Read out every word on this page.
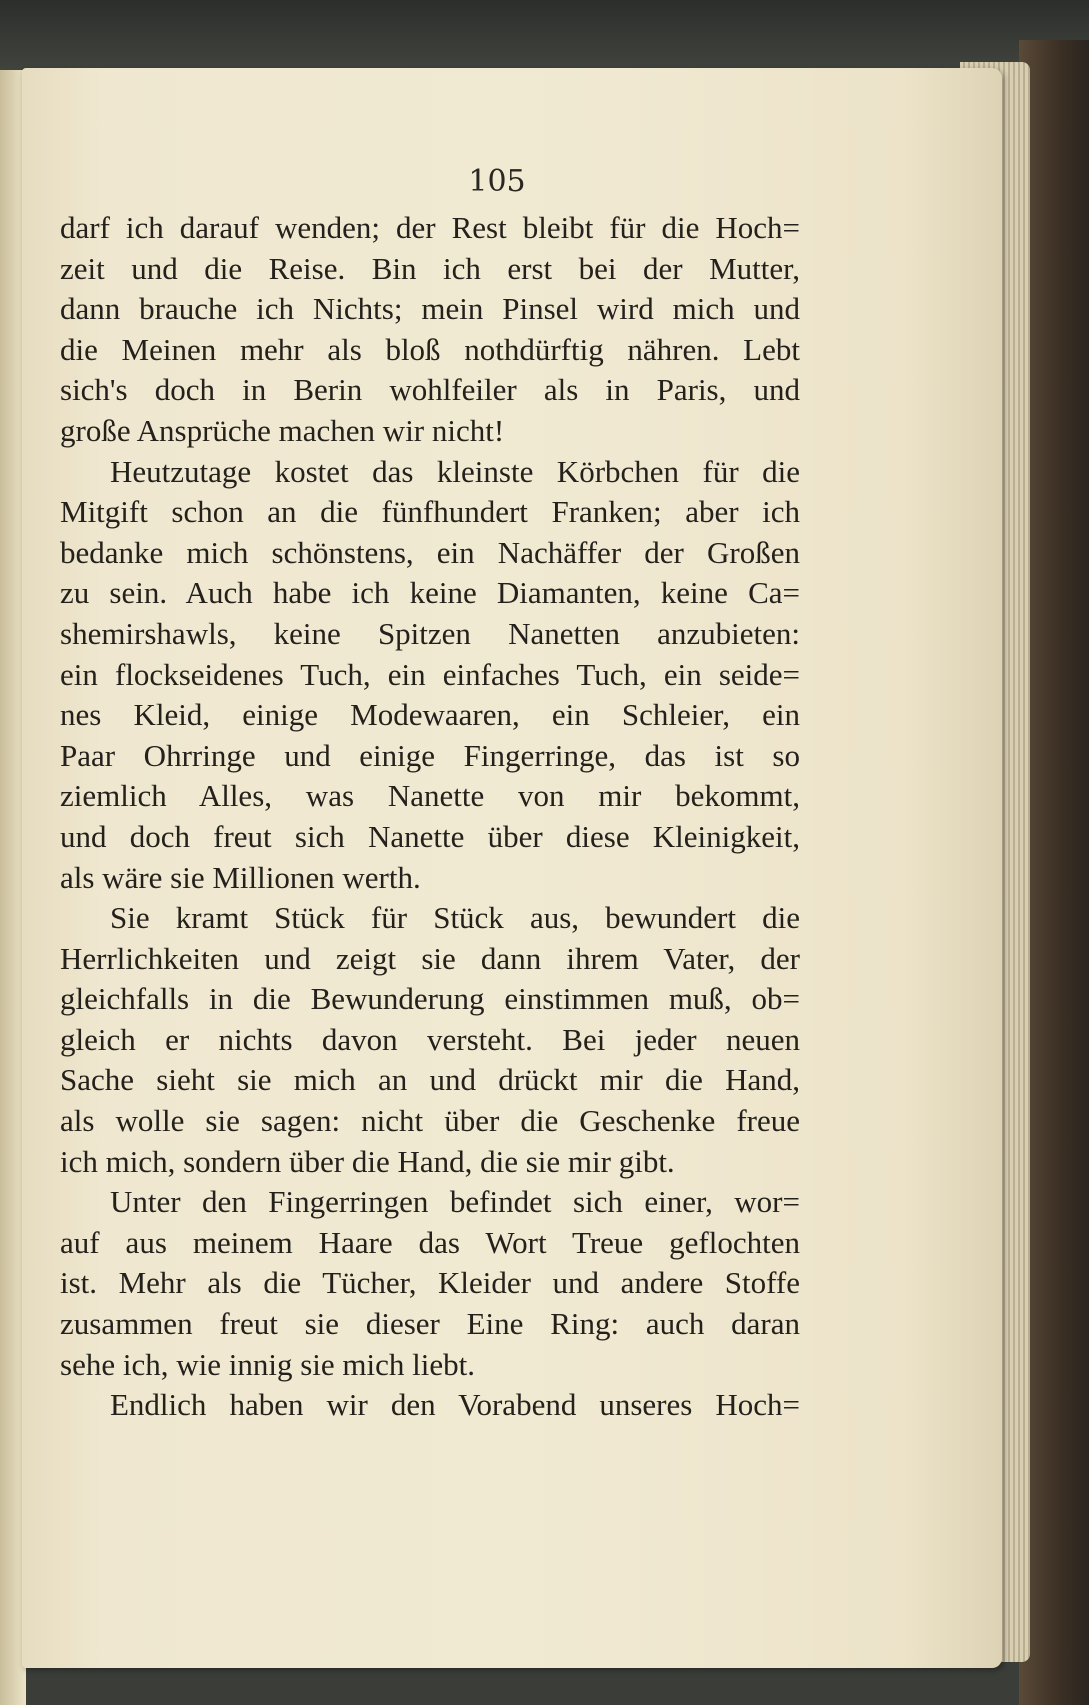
105
darf ich darauf wenden; der Rest bleibt für die Hoch=
zeit und die Reise. Bin ich erst bei der Mutter,
dann brauche ich Nichts; mein Pinsel wird mich und
die Meinen mehr als bloß nothdürftig nähren. Lebt
sich's doch in Berin wohlfeiler als in Paris, und
große Ansprüche machen wir nicht!
Heutzutage kostet das kleinste Körbchen für die
Mitgift schon an die fünfhundert Franken; aber ich
bedanke mich schönstens, ein Nachäffer der Großen
zu sein. Auch habe ich keine Diamanten, keine Ca=
shemirshawls, keine Spitzen Nanetten anzubieten:
ein flockseidenes Tuch, ein einfaches Tuch, ein seide=
nes Kleid, einige Modewaaren, ein Schleier, ein
Paar Ohrringe und einige Fingerringe, das ist so
ziemlich Alles, was Nanette von mir bekommt,
und doch freut sich Nanette über diese Kleinigkeit,
als wäre sie Millionen werth.
Sie kramt Stück für Stück aus, bewundert die
Herrlichkeiten und zeigt sie dann ihrem Vater, der
gleichfalls in die Bewunderung einstimmen muß, ob=
gleich er nichts davon versteht. Bei jeder neuen
Sache sieht sie mich an und drückt mir die Hand,
als wolle sie sagen: nicht über die Geschenke freue
ich mich, sondern über die Hand, die sie mir gibt.
Unter den Fingerringen befindet sich einer, wor=
auf aus meinem Haare das Wort Treue geflochten
ist. Mehr als die Tücher, Kleider und andere Stoffe
zusammen freut sie dieser Eine Ring: auch daran
sehe ich, wie innig sie mich liebt.
Endlich haben wir den Vorabend unseres Hoch=
